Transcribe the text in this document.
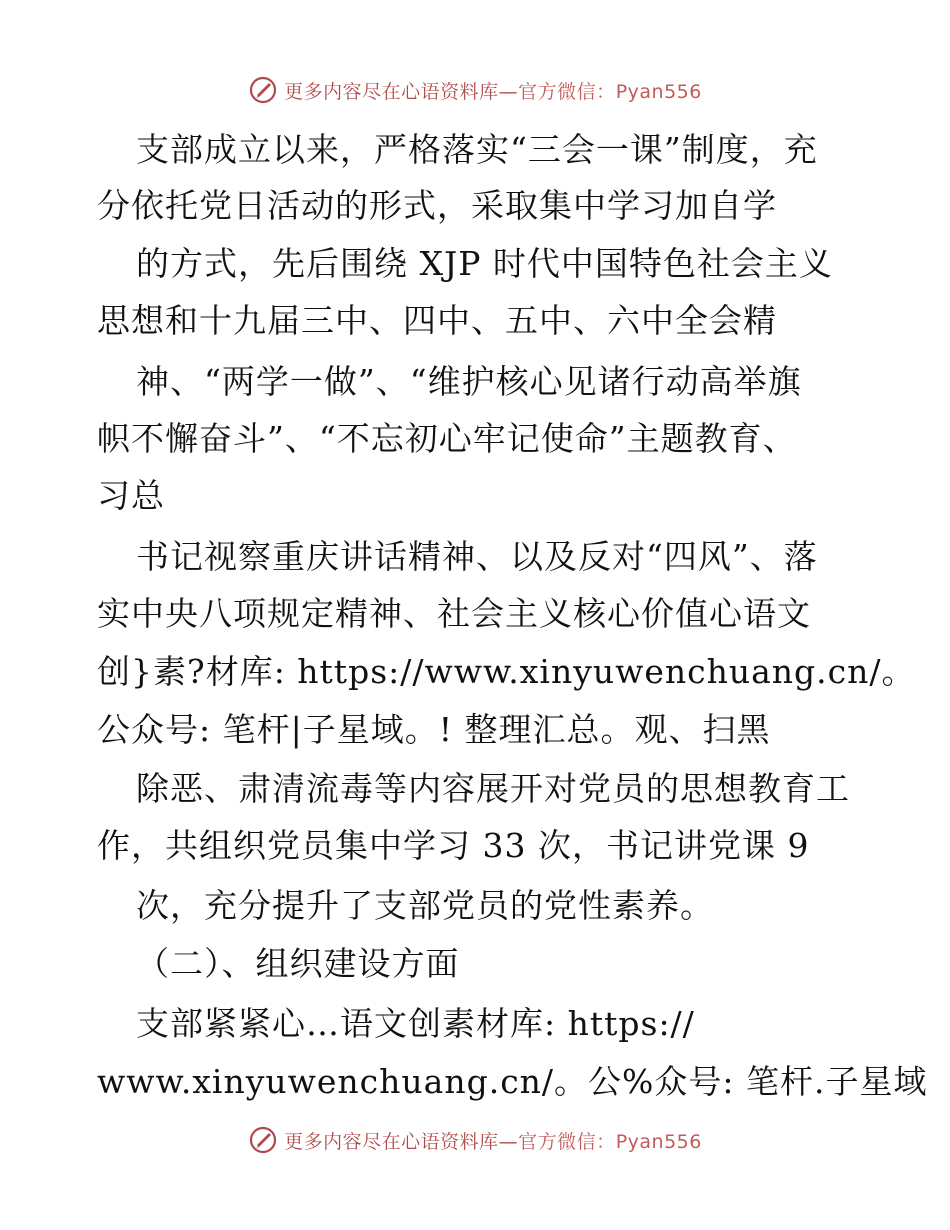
更多内容尽在心语资料库—官方微信：Pyan556
支部成立以来，严格落实“三会一课”制度，充
分依托党日活动的形式，采取集中学习加自学
的方式，先后围绕 XJP 时代中国特色社会主义
思想和十九届三中、四中、五中、六中全会精
神、“两学一做”、“维护核心见诸行动高举旗
帜不懈奋斗”、“不忘初心牢记使命”主题教育、
习总
书记视察重庆讲话精神、以及反对“四风”、落
实中央八项规定精神、社会主义核心价值心语文
创}素?材库: https://www.xinyuwenchuang.cn/。
公众号: 笔杆|子星域。! 整理汇总。观、扫黑
除恶、肃清流毒等内容展开对党员的思想教育工
作，共组织党员集中学习 33 次，书记讲党课 9
次，充分提升了支部党员的党性素养。
（二）、组织建设方面
支部紧紧心…语文创素材库: https://
www.xinyuwenchuang.cn/。公%众号: 笔杆.子星域
更多内容尽在心语资料库—官方微信：Pyan556
